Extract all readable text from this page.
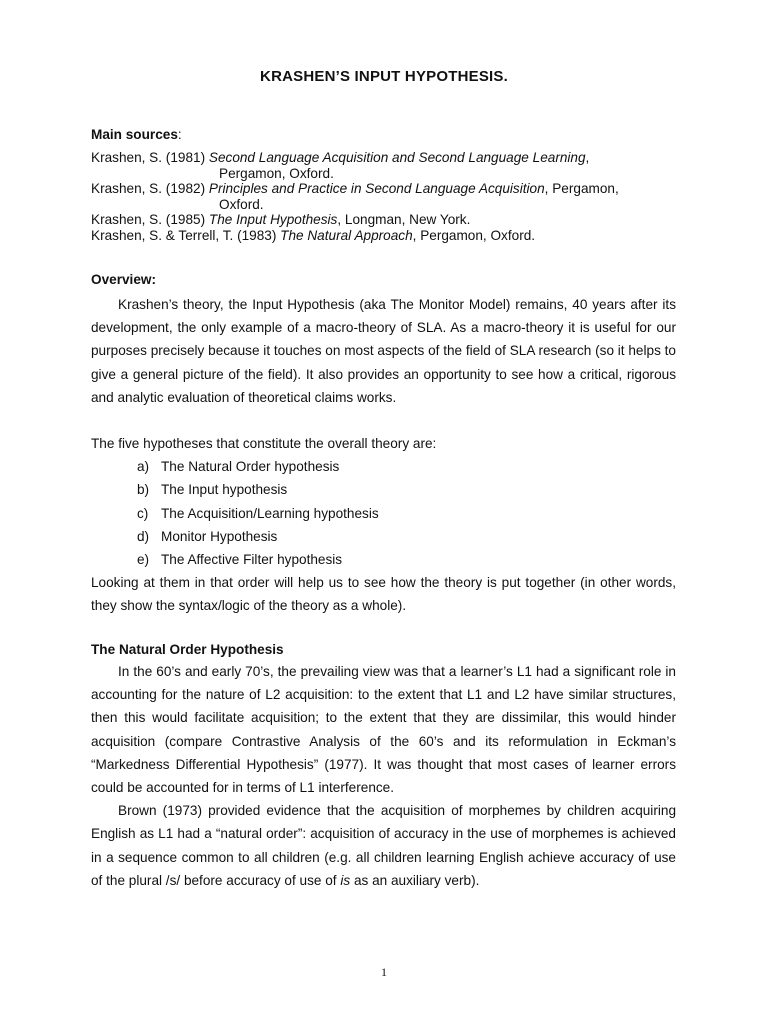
KRASHEN’S INPUT HYPOTHESIS.
Main sources:
Krashen, S. (1981) Second Language Acquisition and Second Language Learning,
Pergamon, Oxford.
Krashen, S. (1982) Principles and Practice in Second Language Acquisition, Pergamon,
Oxford.
Krashen, S. (1985) The Input Hypothesis, Longman, New York.
Krashen, S. & Terrell, T. (1983) The Natural Approach, Pergamon, Oxford.
Overview:
Krashen’s theory, the Input Hypothesis (aka The Monitor Model) remains, 40 years after its development, the only example of a macro-theory of SLA. As a macro-theory it is useful for our purposes precisely because it touches on most aspects of the field of SLA research (so it helps to give a general picture of the field). It also provides an opportunity to see how a critical, rigorous and analytic evaluation of theoretical claims works.
The five hypotheses that constitute the overall theory are:
a) The Natural Order hypothesis
b) The Input hypothesis
c) The Acquisition/Learning hypothesis
d) Monitor Hypothesis
e) The Affective Filter hypothesis
Looking at them in that order will help us to see how the theory is put together (in other words, they show the syntax/logic of the theory as a whole).
The Natural Order Hypothesis
In the 60’s and early 70’s, the prevailing view was that a learner’s L1 had a significant role in accounting for the nature of L2 acquisition: to the extent that L1 and L2 have similar structures, then this would facilitate acquisition; to the extent that they are dissimilar, this would hinder acquisition (compare Contrastive Analysis of the 60’s and its reformulation in Eckman’s “Markedness Differential Hypothesis” (1977). It was thought that most cases of learner errors could be accounted for in terms of L1 interference.
Brown (1973) provided evidence that the acquisition of morphemes by children acquiring English as L1 had a “natural order”: acquisition of accuracy in the use of morphemes is achieved in a sequence common to all children (e.g. all children learning English achieve accuracy of use of the plural /s/ before accuracy of use of is as an auxiliary verb).
1
